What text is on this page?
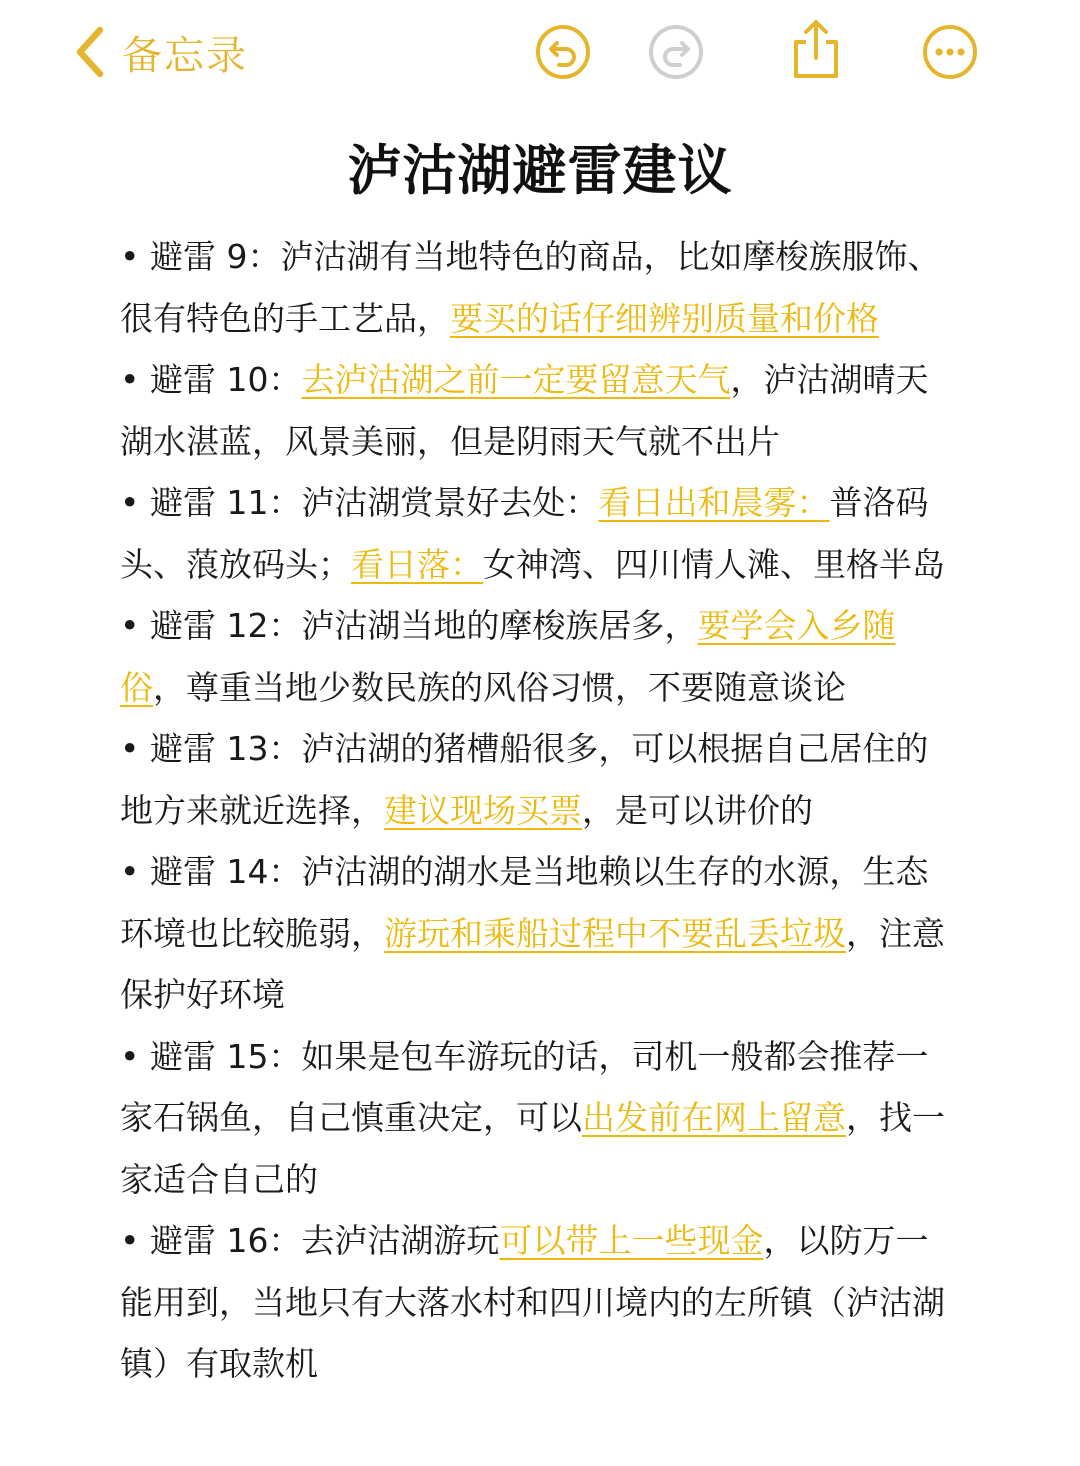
备忘录
泸沽湖避雷建议

• 避雷 9：泸沽湖有当地特色的商品，比如摩梭族服饰、很有特色的手工艺品，要买的话仔细辨别质量和价格

• 避雷 10：去泸沽湖之前一定要留意天气，泸沽湖晴天湖水湛蓝，风景美丽，但是阴雨天气就不出片

• 避雷 11：泸沽湖赏景好去处：看日出和晨雾：普洛码头、蒗放码头；看日落：女神湾、四川情人滩、里格半岛

• 避雷 12：泸沽湖当地的摩梭族居多，要学会入乡随俗，尊重当地少数民族的风俗习惯，不要随意谈论

• 避雷 13：泸沽湖的猪槽船很多，可以根据自己居住的地方来就近选择，建议现场买票，是可以讲价的

• 避雷 14：泸沽湖的湖水是当地赖以生存的水源，生态环境也比较脆弱，游玩和乘船过程中不要乱丢垃圾，注意保护好环境

• 避雷 15：如果是包车游玩的话，司机一般都会推荐一家石锅鱼，自己慎重决定，可以出发前在网上留意，找一家适合自己的

• 避雷 16：去泸沽湖游玩可以带上一些现金，以防万一能用到，当地只有大落水村和四川境内的左所镇（泸沽湖镇）有取款机
